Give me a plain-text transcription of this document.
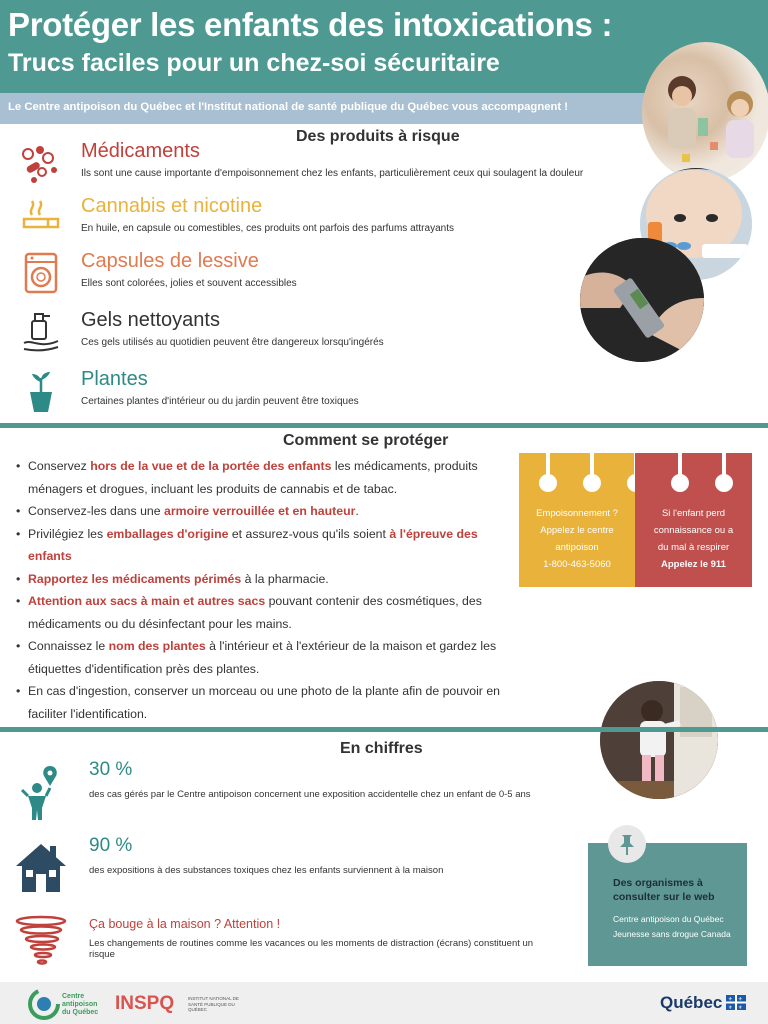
Protéger les enfants des intoxications :
Trucs faciles pour un chez-soi sécuritaire
Le Centre antipoison du Québec et l'Institut national de santé publique du Québec vous accompagnent !
Des produits à risque
Médicaments
Ils sont une cause importante d'empoisonnement chez les enfants, particulièrement ceux qui soulagent la douleur
Cannabis et nicotine
En huile, en capsule ou comestibles, ces produits ont parfois des parfums attrayants
Capsules de lessive
Elles sont colorées, jolies et souvent accessibles
Gels nettoyants
Ces gels utilisés au quotidien peuvent être dangereux lorsqu'ingérés
Plantes
Certaines plantes d'intérieur ou du jardin peuvent être toxiques
Comment se protéger
• Conservez hors de la vue et de la portée des enfants les médicaments, produits ménagers et drogues, incluant les produits de cannabis et de tabac.
• Conservez-les dans une armoire verrouillée et en hauteur.
• Privilégiez les emballages d'origine et assurez-vous qu'ils soient à l'épreuve des enfants
• Rapportez les médicaments périmés à la pharmacie.
• Attention aux sacs à main et autres sacs pouvant contenir des cosmétiques, des médicaments ou du désinfectant pour les mains.
• Connaissez le nom des plantes à l'intérieur et à l'extérieur de la maison et gardez les étiquettes d'identification près des plantes.
• En cas d'ingestion, conserver un morceau ou une photo de la plante afin de pouvoir en faciliter l'identification.
Empoisonnement ?
Appelez le centre
antipoison
1-800-463-5060
Si l'enfant perd
connaissance ou a
du mal à respirer
Appelez le 911
En chiffres
30 %
des cas gérés par le Centre antipoison concernent une exposition accidentelle chez un enfant de 0-5 ans
90 %
des expositions à des substances toxiques chez les enfants surviennent à la maison
Ça bouge à la maison ? Attention !
Les changements de routines comme les vacances ou les moments de distraction (écrans) constituent un risque
Des organismes à consulter sur le web
Centre antipoison du Québec
Jeunesse sans drogue Canada
Centre antipoison du Québec INSPQ	INSTITUT NATIONAL DE SANTÉ PUBLIQUE DU QUÉBEC	Québec ⚜ ⚜
⚜ ⚜
